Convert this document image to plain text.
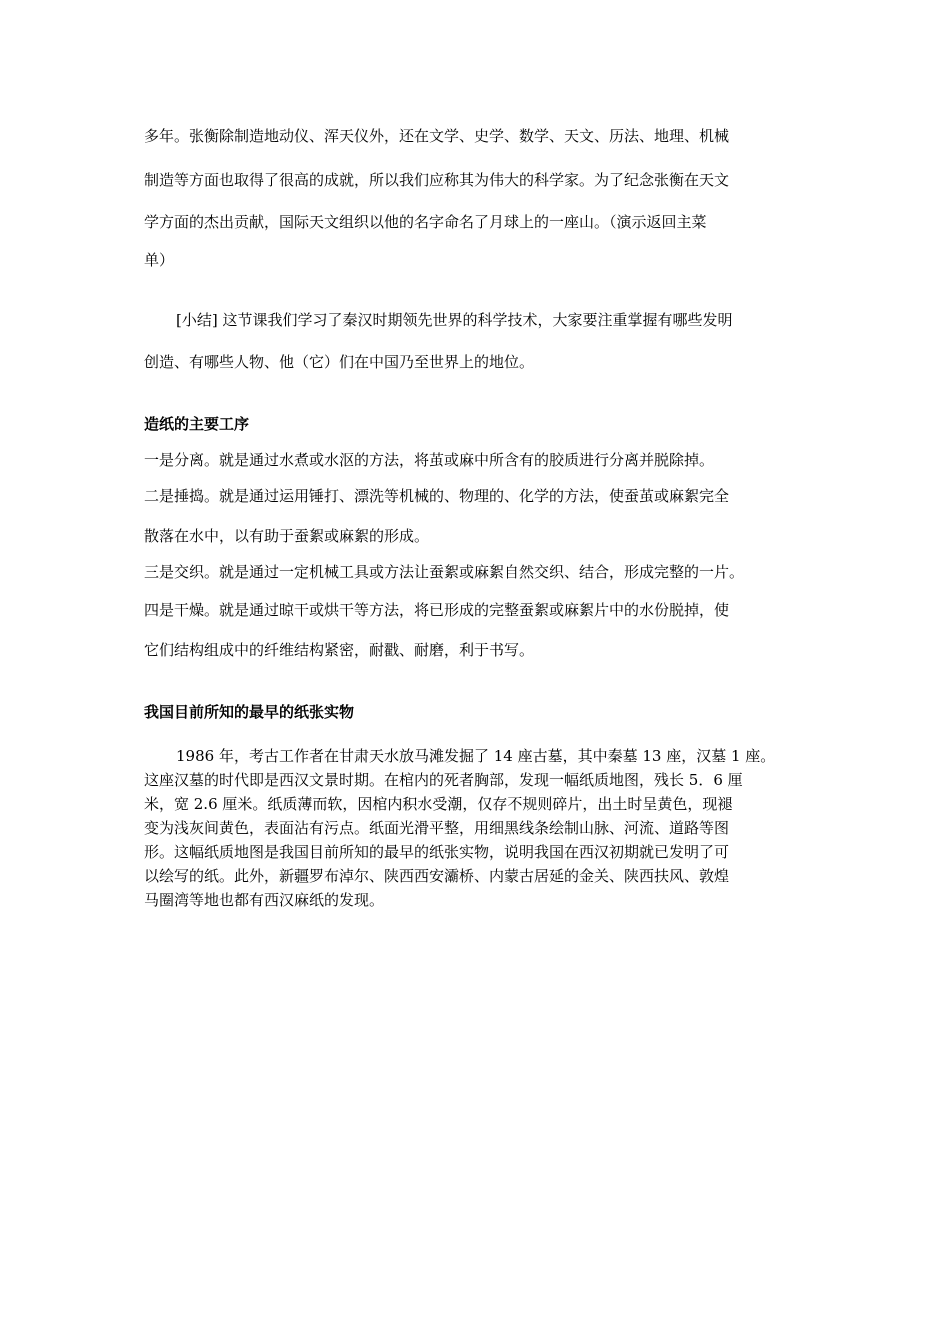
多年。张衡除制造地动仪、浑天仪外，还在文学、史学、数学、天文、历法、地理、机械
制造等方面也取得了很高的成就，所以我们应称其为伟大的科学家。为了纪念张衡在天文
学方面的杰出贡献，国际天文组织以他的名字命名了月球上的一座山。（演示返回主菜
单）
[小结] 这节课我们学习了秦汉时期领先世界的科学技术，大家要注重掌握有哪些发明
创造、有哪些人物、他（它）们在中国乃至世界上的地位。
造纸的主要工序
一是分离。就是通过水煮或水沤的方法，将茧或麻中所含有的胶质进行分离并脱除掉。
二是捶捣。就是通过运用锤打、漂洗等机械的、物理的、化学的方法，使蚕茧或麻絮完全
散落在水中，以有助于蚕絮或麻絮的形成。
三是交织。就是通过一定机械工具或方法让蚕絮或麻絮自然交织、结合，形成完整的一片。
四是干燥。就是通过晾干或烘干等方法，将已形成的完整蚕絮或麻絮片中的水份脱掉，使
它们结构组成中的纤维结构紧密，耐戳、耐磨，利于书写。
我国目前所知的最早的纸张实物
1986 年，考古工作者在甘肃天水放马滩发掘了 14 座古墓，其中秦墓 13 座，汉墓 1 座。
这座汉墓的时代即是西汉文景时期。在棺内的死者胸部，发现一幅纸质地图，残长 5．6 厘
米，宽 2.6 厘米。纸质薄而软，因棺内积水受潮，仅存不规则碎片，出土时呈黄色，现褪
变为浅灰间黄色，表面沾有污点。纸面光滑平整，用细黑线条绘制山脉、河流、道路等图
形。这幅纸质地图是我国目前所知的最早的纸张实物，说明我国在西汉初期就已发明了可
以绘写的纸。此外，新疆罗布淖尔、陕西西安灞桥、内蒙古居延的金关、陕西扶风、敦煌
马圈湾等地也都有西汉麻纸的发现。
